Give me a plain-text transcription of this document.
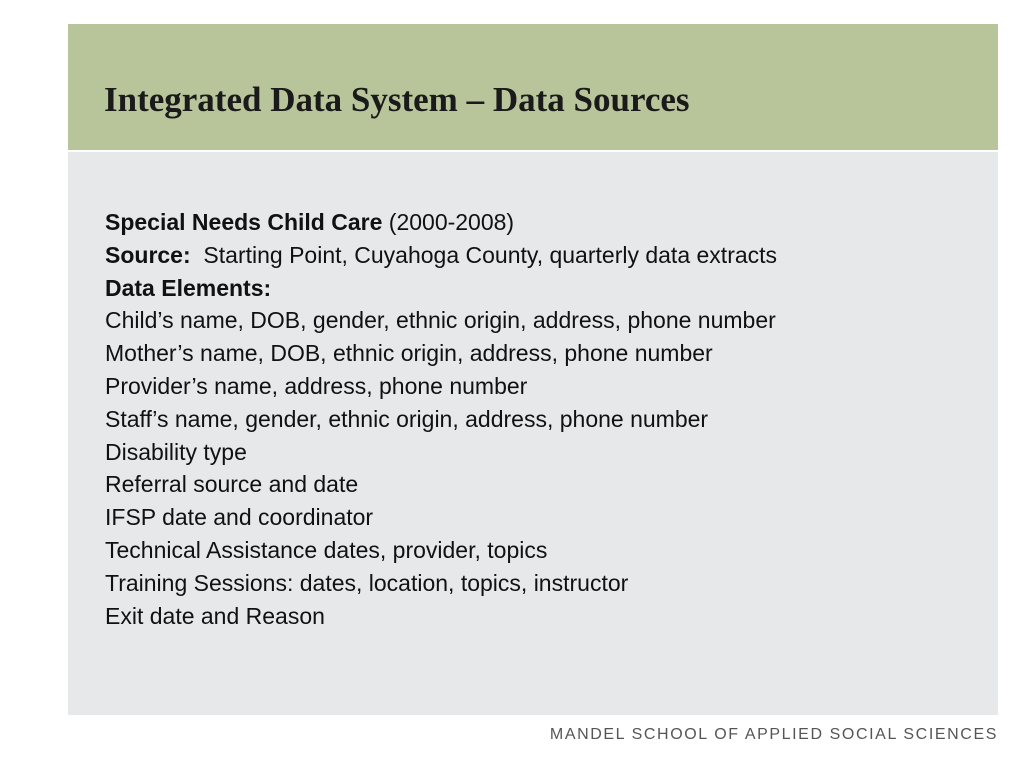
Integrated Data System – Data Sources
Special Needs Child Care (2000-2008)
Source: Starting Point, Cuyahoga County, quarterly data extracts
Data Elements:
Child’s name, DOB, gender, ethnic origin, address, phone number
Mother’s name, DOB, ethnic origin, address, phone number
Provider’s name, address, phone number
Staff’s name, gender, ethnic origin, address, phone number
Disability type
Referral source and date
IFSP date and coordinator
Technical Assistance dates, provider, topics
Training Sessions: dates, location, topics, instructor
Exit date and Reason
MANDEL SCHOOL OF APPLIED SOCIAL SCIENCES
